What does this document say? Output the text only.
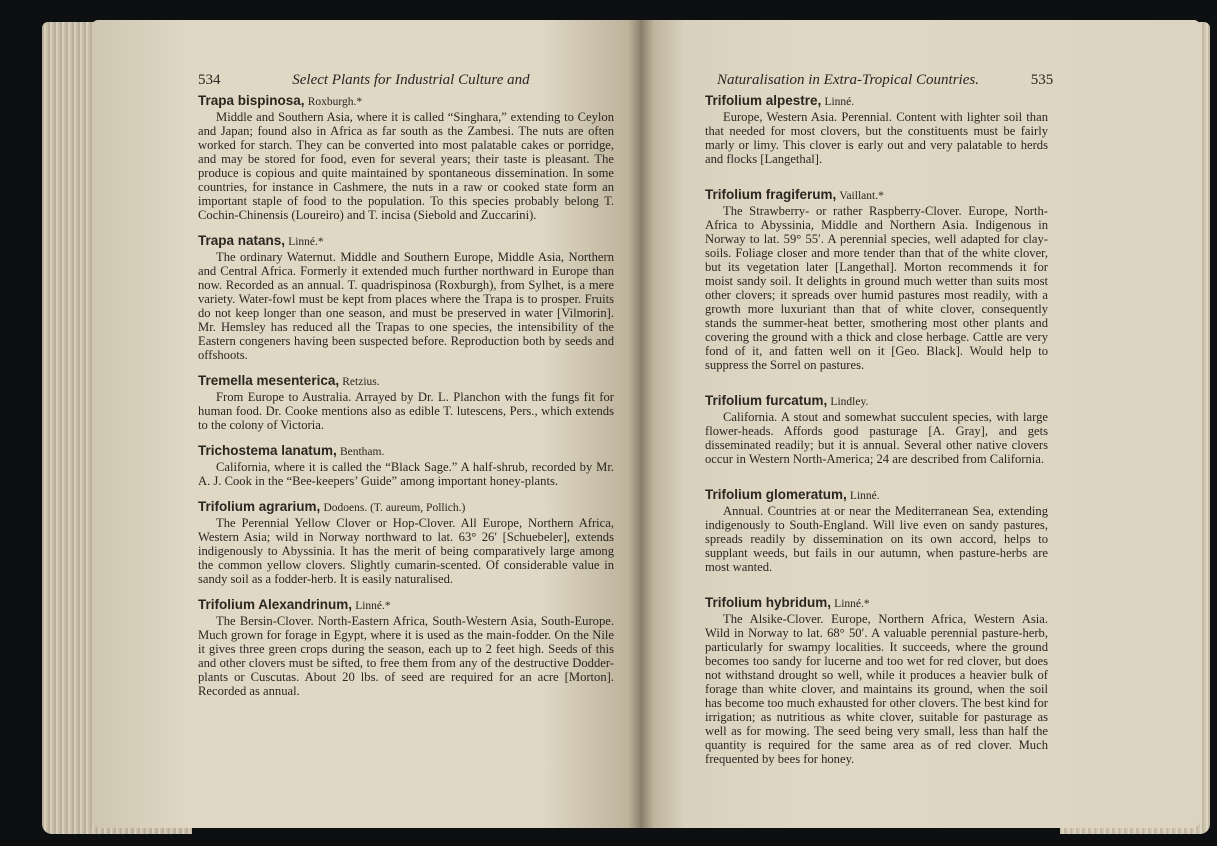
534	Select Plants for Industrial Culture and	Naturalisation in Extra-Tropical Countries.	535
Trapa bispinosa, Roxburgh.*

Middle and Southern Asia, where it is called “Singhara,” extending to Ceylon and Japan; found also in Africa as far south as the Zambesi. The nuts are often worked for starch. They can be converted into most palatable cakes or porridge, and may be stored for food, even for several years; their taste is pleasant. The produce is copious and quite maintained by spontaneous dissemination. In some countries, for instance in Cashmere, the nuts in a raw or cooked state form an important staple of food to the population. To this species probably belong T. Cochin-Chinensis (Loureiro) and T. incisa (Siebold and Zuccarini).

Trapa natans, Linné.*

The ordinary Waternut. Middle and Southern Europe, Middle Asia, Northern and Central Africa. Formerly it extended much further northward in Europe than now. Recorded as an annual. T. quadrispinosa (Roxburgh), from Sylhet, is a mere variety. Water-fowl must be kept from places where the Trapa is to prosper. Fruits do not keep longer than one season, and must be preserved in water [Vilmorin]. Mr. Hemsley has reduced all the Trapas to one species, the intensibility of the Eastern congeners having been suspected before. Reproduction both by seeds and offshoots.

Tremella mesenterica, Retzius.

From Europe to Australia. Arrayed by Dr. L. Planchon with the fungs fit for human food. Dr. Cooke mentions also as edible T. lutescens, Pers., which extends to the colony of Victoria.

Trichostema lanatum, Bentham.

California, where it is called the “Black Sage.” A half-shrub, recorded by Mr. A. J. Cook in the “Bee-keepers’ Guide” among important honey-plants.

Trifolium agrarium, Dodoens. (T. aureum, Pollich.)

The Perennial Yellow Clover or Hop-Clover. All Europe, Northern Africa, Western Asia; wild in Norway northward to lat. 63° 26′ [Schuebeler], extends indigenously to Abyssinia. It has the merit of being comparatively large among the common yellow clovers. Slightly cumarin-scented. Of considerable value in sandy soil as a fodder-herb. It is easily naturalised.

Trifolium Alexandrinum, Linné.*

The Bersin-Clover. North-Eastern Africa, South-Western Asia, South-Europe. Much grown for forage in Egypt, where it is used as the main-fodder. On the Nile it gives three green crops during the season, each up to 2 feet high. Seeds of this and other clovers must be sifted, to free them from any of the destructive Dodder-plants or Cuscutas. About 20 lbs. of seed are required for an acre [Morton]. Recorded as annual.

Trifolium alpestre, Linné.

Europe, Western Asia. Perennial. Content with lighter soil than that needed for most clovers, but the constituents must be fairly marly or limy. This clover is early out and very palatable to herds and flocks [Langethal].

Trifolium fragiferum, Vaillant.*

The Strawberry- or rather Raspberry-Clover. Europe, North-Africa to Abyssinia, Middle and Northern Asia. Indigenous in Norway to lat. 59° 55′. A perennial species, well adapted for clay-soils. Foliage closer and more tender than that of the white clover, but its vegetation later [Langethal]. Morton recommends it for moist sandy soil. It delights in ground much wetter than suits most other clovers; it spreads over humid pastures most readily, with a growth more luxuriant than that of white clover, consequently stands the summer-heat better, smothering most other plants and covering the ground with a thick and close herbage. Cattle are very fond of it, and fatten well on it [Geo. Black]. Would help to suppress the Sorrel on pastures.

Trifolium furcatum, Lindley.

California. A stout and somewhat succulent species, with large flower-heads. Affords good pasturage [A. Gray], and gets disseminated readily; but it is annual. Several other native clovers occur in Western North-America; 24 are described from California.

Trifolium glomeratum, Linné.

Annual. Countries at or near the Mediterranean Sea, extending indigenously to South-England. Will live even on sandy pastures, spreads readily by dissemination on its own accord, helps to supplant weeds, but fails in our autumn, when pasture-herbs are most wanted.

Trifolium hybridum, Linné.*

The Alsike-Clover. Europe, Northern Africa, Western Asia. Wild in Norway to lat. 68° 50′. A valuable perennial pasture-herb, particularly for swampy localities. It succeeds, where the ground becomes too sandy for lucerne and too wet for red clover, but does not withstand drought so well, while it produces a heavier bulk of forage than white clover, and maintains its ground, when the soil has become too much exhausted for other clovers. The best kind for irrigation; as nutritious as white clover, suitable for pasturage as well as for mowing. The seed being very small, less than half the quantity is required for the same area as of red clover. Much frequented by bees for honey.
